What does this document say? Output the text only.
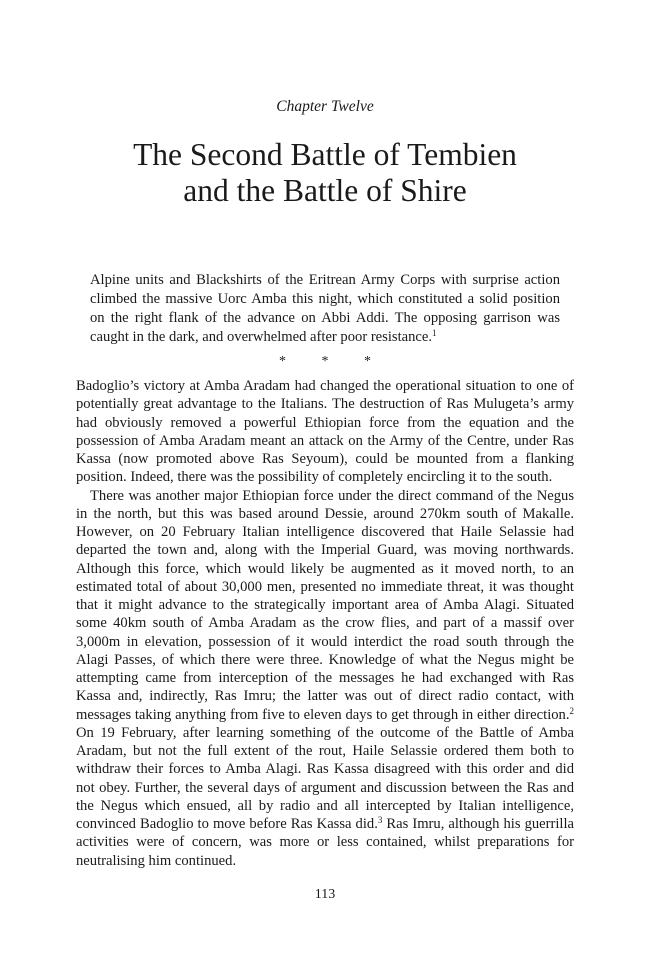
Chapter Twelve
The Second Battle of Tembien
and the Battle of Shire
Alpine units and Blackshirts of the Eritrean Army Corps with surprise action climbed the massive Uorc Amba this night, which constituted a solid position on the right flank of the advance on Abbi Addi. The opposing garrison was caught in the dark, and overwhelmed after poor resistance.$^1$
* * *

Badoglio’s victory at Amba Aradam had changed the operational situation to one of potentially great advantage to the Italians. The destruction of Ras Mulugeta’s army had obviously removed a powerful Ethiopian force from the equation and the possession of Amba Aradam meant an attack on the Army of the Centre, under Ras Kassa (now promoted above Ras Seyoum), could be mounted from a flanking position. Indeed, there was the possibility of completely encircling it to the south.

There was another major Ethiopian force under the direct command of the Negus in the north, but this was based around Dessie, around 270km south of Makalle. However, on 20 February Italian intelligence discovered that Haile Selassie had departed the town and, along with the Imperial Guard, was moving northwards. Although this force, which would likely be augmented as it moved north, to an estimated total of about 30,000 men, presented no immediate threat, it was thought that it might advance to the strategically important area of Amba Alagi. Situated some 40km south of Amba Aradam as the crow flies, and part of a massif over 3,000m in elevation, possession of it would interdict the road south through the Alagi Passes, of which there were three. Knowledge of what the Negus might be attempting came from interception of the messages he had exchanged with Ras Kassa and, indirectly, Ras Imru; the latter was out of direct radio contact, with messages taking anything from five to eleven days to get through in either direction.$^2$ On 19 February, after learning something of the outcome of the Battle of Amba Aradam, but not the full extent of the rout, Haile Selassie ordered them both to withdraw their forces to Amba Alagi. Ras Kassa disagreed with this order and did not obey. Further, the several days of argument and discussion between the Ras and the Negus which ensued, all by radio and all intercepted by Italian intelligence, convinced Badoglio to move before Ras Kassa did.$^3$ Ras Imru, although his guerrilla activities were of concern, was more or less contained, whilst preparations for neutralising him continued.

113
